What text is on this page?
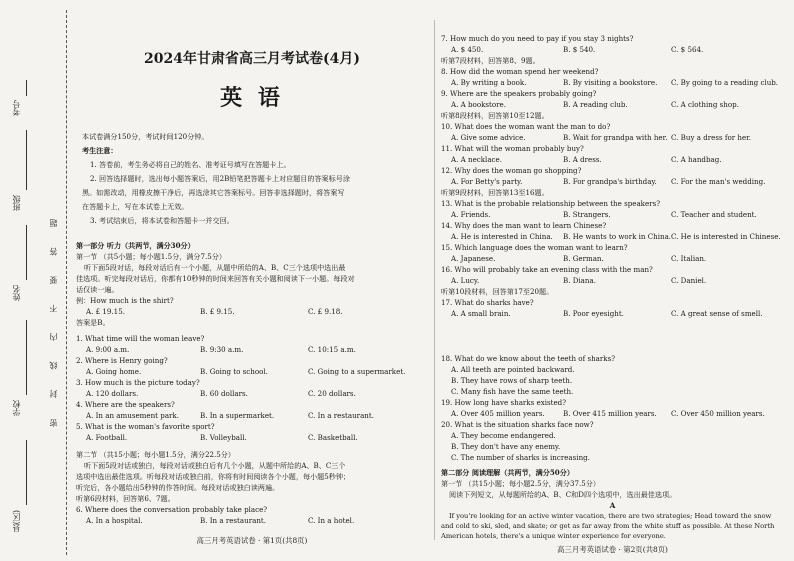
考号
班级
姓名
学校
县(区)
密 封 线 内 不 要 答 题
2024年甘肃省高三月考试卷(4月)
英 语
本试卷满分150分，考试时间120分钟。
考生注意：
1. 答卷前，考生务必将自己的姓名、准考证号填写在答题卡上。
2. 回答选择题时，选出每小题答案后，用2B铅笔把答题卡上对应题目的答案标号涂
黑。如需改动，用橡皮擦干净后，再选涂其它答案标号。回答非选择题时，将答案写
在答题卡上，写在本试卷上无效。
3. 考试结束后，将本试卷和答题卡一并交回。
第一部分 听力（共两节，满分30分）
第一节 （共5小题；每小题1.5分，满分7.5分）
听下面5段对话，每段对话后有一个小题，从题中所给的A、B、C三个选项中选出最
佳选项。听完每段对话后，你都有10秒钟的时间来回答有关小题和阅读下一小题。每段对
话仅读一遍。
例：How much is the shirt?
A. £ 19.15.	B. £ 9.15.	C. £ 9.18.
答案是B。
1. What time will the woman leave?
A. 9:00 a.m.	B. 9:30 a.m.	C. 10:15 a.m.
2. Where is Henry going?
A. Going home.	B. Going to school.	C. Going to a supermarket.
3. How much is the picture today?
A. 120 dollars.	B. 60 dollars.	C. 20 dollars.
4. Where are the speakers?
A. In an amusement park.	B. In a supermarket.	C. In a restaurant.
5. What is the woman's favorite sport?
A. Football.	B. Volleyball.	C. Basketball.
第二节 （共15小题；每小题1.5分，满分22.5分）
听下面5段对话或独白，每段对话或独白后有几个小题，从题中所给的A、B、C三个
选项中选出最佳选项。听每段对话或独白前，你将有时间阅读各个小题，每小题5秒钟；
听完后，各小题给出5秒钟的作答时间。每段对话或独白读两遍。
听第6段材料，回答第6、7题。
6. Where does the conversation probably take place?
A. In a hospital.	B. In a restaurant.	C. In a hotel.
高三月考英语试卷 · 第1页(共8页)
7. How much do you need to pay if you stay 3 nights?
A. $ 450.	B. $ 540.	C. $ 564.
听第7段材料，回答第8、9题。
8. How did the woman spend her weekend?
A. By writing a book.	B. By visiting a bookstore. C. By going to a reading club.
9. Where are the speakers probably going?
A. A bookstore.	B. A reading club.	C. A clothing shop.
听第8段材料，回答第10至12题。
10. What does the woman want the man to do?
A. Give some advice.	B. Wait for grandpa with her. C. Buy a dress for her.
11. What will the woman probably buy?
A. A necklace.	B. A dress.	C. A handbag.
12. Why does the woman go shopping?
A. For Betty's party.	B. For grandpa's birthday. C. For the man's wedding.
听第9段材料，回答第13至16题。
13. What is the probable relationship between the speakers?
A. Friends.	B. Strangers.	C. Teacher and student.
14. Why does the man want to learn Chinese?
A. He is interested in China. B. He wants to work in China. C. He is interested in Chinese.
15. Which language does the woman want to learn?
A. Japanese.	B. German.	C. Italian.
16. Who will probably take an evening class with the man?
A. Lucy.	B. Diana.	C. Daniel.
听第10段材料，回答第17至20题。
17. What do sharks have?
A. A small brain.	B. Poor eyesight.	C. A great sense of smell.
18. What do we know about the teeth of sharks?
A. All teeth are pointed backward.
B. They have rows of sharp teeth.
C. Many fish have the same teeth.
19. How long have sharks existed?
A. Over 405 million years.	B. Over 415 million years. C. Over 450 million years.
20. What is the situation sharks face now?
A. They become endangered.
B. They don't have any enemy.
C. The number of sharks is increasing.
第二部分 阅读理解（共两节，满分50分）
第一节 （共15小题；每小题2.5分，满分37.5分）
阅读下列短文，从每题所给的A、B、C和D四个选项中，选出最佳选项。
A
If you're looking for an active winter vacation, there are two strategies; Head toward the snow
and cold to ski, sled, and skate; or get as far away from the white stuff as possible. At these North
American hotels, there's a unique winter experience for everyone.
高三月考英语试卷 · 第2页(共8页)
